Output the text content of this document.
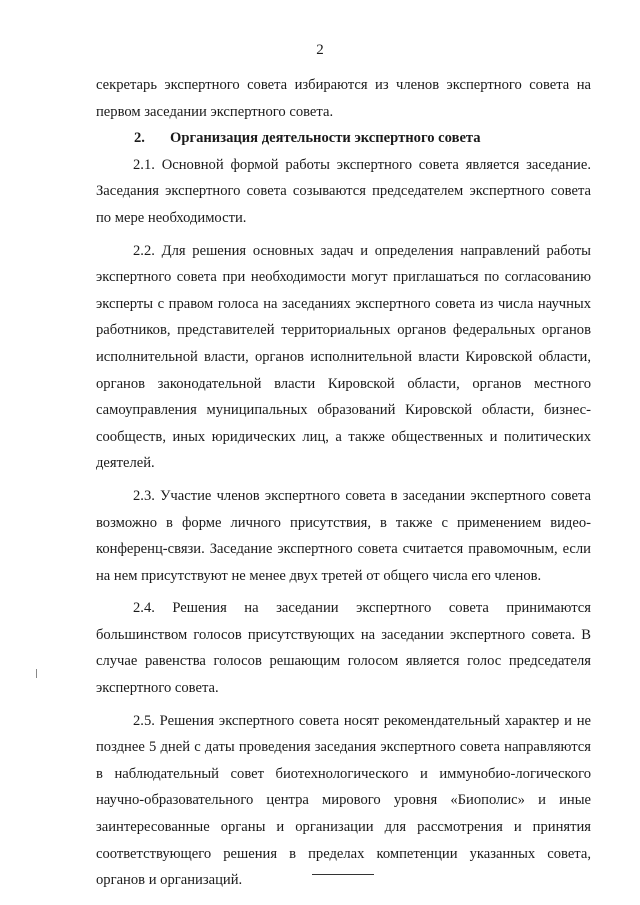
2

секретарь экспертного совета избираются из членов экспертного совета на первом заседании экспертного совета.

2. Организация деятельности экспертного совета

2.1. Основной формой работы экспертного совета является заседание. Заседания экспертного совета созываются председателем экспертного совета по мере необходимости.

2.2. Для решения основных задач и определения направлений работы экспертного совета при необходимости могут приглашаться по согласованию эксперты с правом голоса на заседаниях экспертного совета из числа научных работников, представителей территориальных органов федеральных органов исполнительной власти, органов исполнительной власти Кировской области, органов законодательной власти Кировской области, органов местного самоуправления муниципальных образований Кировской области, бизнес-сообществ, иных юридических лиц, а также общественных и политических деятелей.

2.3. Участие членов экспертного совета в заседании экспертного совета возможно в форме личного присутствия, в также с применением видео-конференц-связи. Заседание экспертного совета считается правомочным, если на нем присутствуют не менее двух третей от общего числа его членов.

2.4. Решения на заседании экспертного совета принимаются большинством голосов присутствующих на заседании экспертного совета. В случае равенства голосов решающим голосом является голос председателя экспертного совета.

2.5. Решения экспертного совета носят рекомендательный характер и не позднее 5 дней с даты проведения заседания экспертного совета направляются в наблюдательный совет биотехнологического и иммунобио-логического научно-образовательного центра мирового уровня «Биополис» и иные заинтересованные органы и организации для рассмотрения и принятия соответствующего решения в пределах компетенции указанных совета, органов и организаций.
